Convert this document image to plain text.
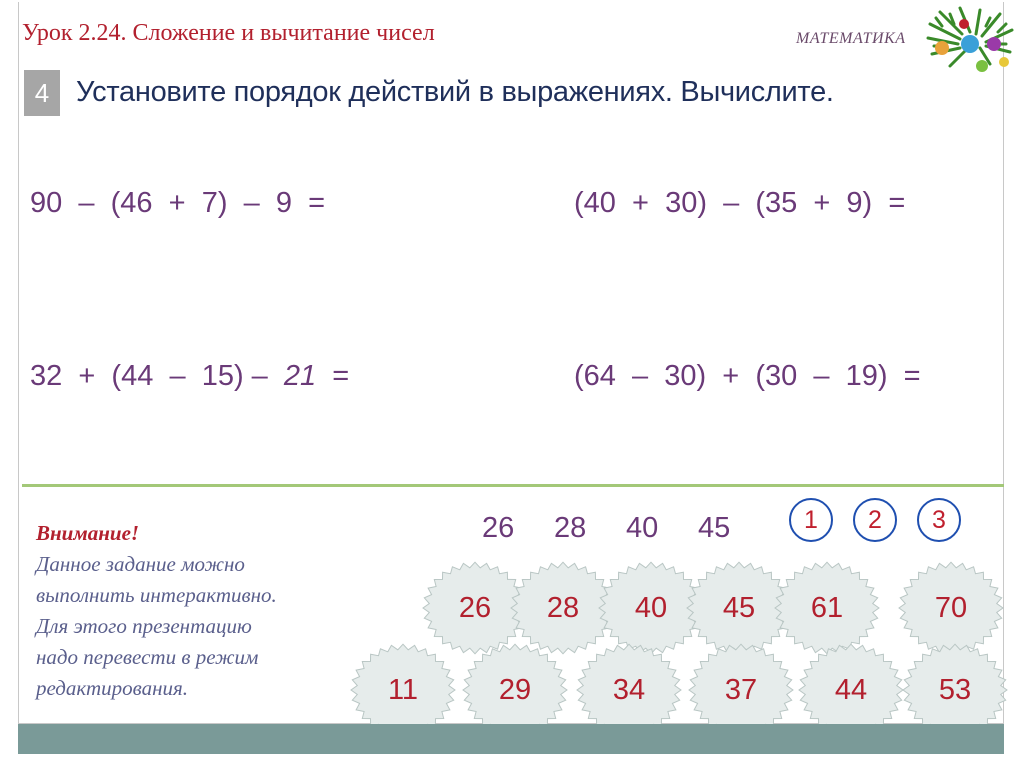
Урок 2.24. Сложение и вычитание чисел	МАТЕМАТИКА
4 Установите порядок действий в выражениях. Вычислите.
90  –  (46  +  7)  –  9  =	(40  +  30)  –  (35  +  9)  =
32  +  (44  –  15) –  21  =	(64  –  30)  +  (30  –  19)  =
Внимание!
Данное задание можно
выполнить интерактивно.
Для этого презентацию
надо перевести в режим
редактирования.
26 28 40 45	1	2	3
26	28	40	45	61	70
11	29	34	37	44	53
